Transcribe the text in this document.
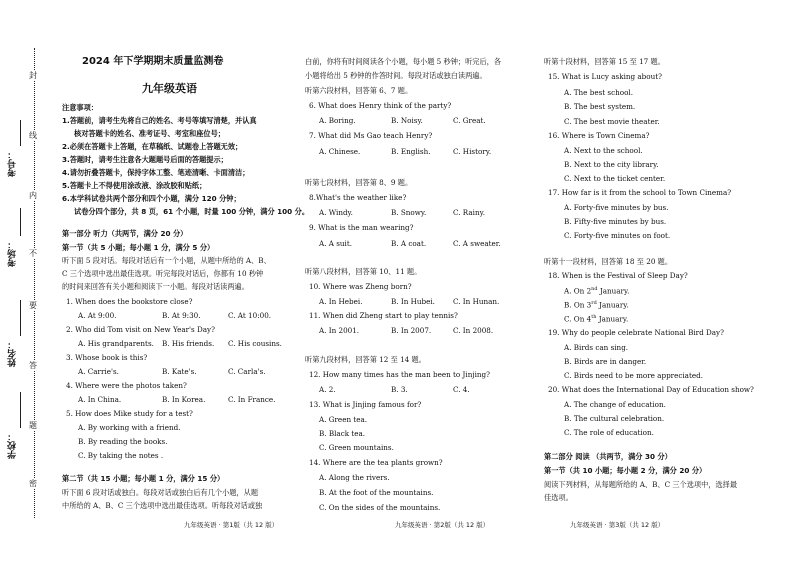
考号：
考场：
姓名：
学校：
封
线
内
不
要
答
题
密
2024 年下学期期末质量监测卷
九年级英语
注意事项：
1.答题前，请考生先将自己的姓名、考号等填写清楚，并认真
核对答题卡的姓名、准考证号、考室和座位号；
2.必须在答题卡上答题，在草稿纸、试题卷上答题无效；
3.答题时，请考生注意各大题题号后面的答题提示；
4.请勿折叠答题卡，保持字体工整、笔迹清晰、卡面清洁；
5.答题卡上不得使用涂改液、涂改胶和贴纸；
6.本学科试卷共两个部分和四个小题，满分 120 分钟；
试卷分四个部分，共 8 页，61 个小题，时量 100 分钟，满分 100 分。
第一部分 听力（共两节，满分 20 分）
第一节（共 5 小题；每小题 1 分，满分 5 分）
听下面 5 段对话。每段对话后有一个小题，从题中所给的 A、B、
C 三个选项中选出最佳选项。听完每段对话后，你都有 10 秒钟
的时间来回答有关小题和阅读下一小题。每段对话读两遍。
1. When does the bookstore close?
A. At 9:00.	B. At 9:30.	C. At 10:00.
2. Who did Tom visit on New Year's Day?
A. His grandparents. B. His friends. C. His cousins.
3. Whose book is this?
A. Carrie's.	B. Kate's.	C. Carla's.
4. Where were the photos taken?
A. In China.	B. In Korea.	C. In France.
5. How does Mike study for a test?
A. By working with a friend.
B. By reading the books.
C. By taking the notes .
第二节（共 15 小题；每小题 1 分，满分 15 分）
听下面 6 段对话或独白。每段对话或独白后有几个小题，从题
中所给的 A、B、C 三个选项中选出最佳选项。听每段对话或独
九年级英语 · 第1版（共 12 版）
白前，你将有时间阅读各个小题，每小题 5 秒钟；听完后，各
小题将给出 5 秒钟的作答时间。每段对话或独白读两遍。
听第六段材料，回答第 6、7 题。
6. What does Henry think of the party?
A. Boring.	B. Noisy.	C. Great.
7. What did Ms Gao teach Henry?
A. Chinese.	B. English.	C. History.
听第七段材料，回答第 8、9 题。
8.What's the weather like?
A. Windy.	B. Snowy.	C. Rainy.
9. What is the man wearing?
A. A suit.	B. A coat.	C. A sweater.
听第八段材料，回答第 10、11 题。
10. Where was Zheng born?
A. In Hebei.	B. In Hubei.	C. In Hunan.
11. When did Zheng start to play tennis?
A. In 2001.	B. In 2007.	C. In 2008.
听第九段材料，回答第 12 至 14 题。
12. How many times has the man been to Jinjing?
A. 2.	B. 3.	C. 4.
13. What is Jinjing famous for?
A. Green tea.
B. Black tea.
C. Green mountains.
14. Where are the tea plants grown?
A. Along the rivers.
B. At the foot of the mountains.
C. On the sides of the mountains.
九年级英语 · 第2版（共 12 版）
听第十段材料，回答第 15 至 17 题。
15. What is Lucy asking about?
A. The best school.
B. The best system.
C. The best movie theater.
16. Where is Town Cinema?
A. Next to the school.
B. Next to the city library.
C. Next to the ticket center.
17. How far is it from the school to Town Cinema?
A. Forty-five minutes by bus.
B. Fifty-five minutes by bus.
C. Forty-five minutes on foot.
听第十一段材料，回答第 18 至 20 题。
18. When is the Festival of Sleep Day?
A. On 2nd January.
B. On 3rd January.
C. On 4th January.
19. Why do people celebrate National Bird Day?
A. Birds can sing.
B. Birds are in danger.
C. Birds need to be more appreciated.
20. What does the International Day of Education show?
A. The change of education.
B. The cultural celebration.
C. The role of education.
第二部分 阅读 （共两节，满分 30 分）
第一节（共 10 小题；每小题 2 分，满分 20 分）
阅读下列材料，从每题所给的 A、B、C 三个选项中，选择最
佳选项。
九年级英语 · 第3版（共 12 版）
